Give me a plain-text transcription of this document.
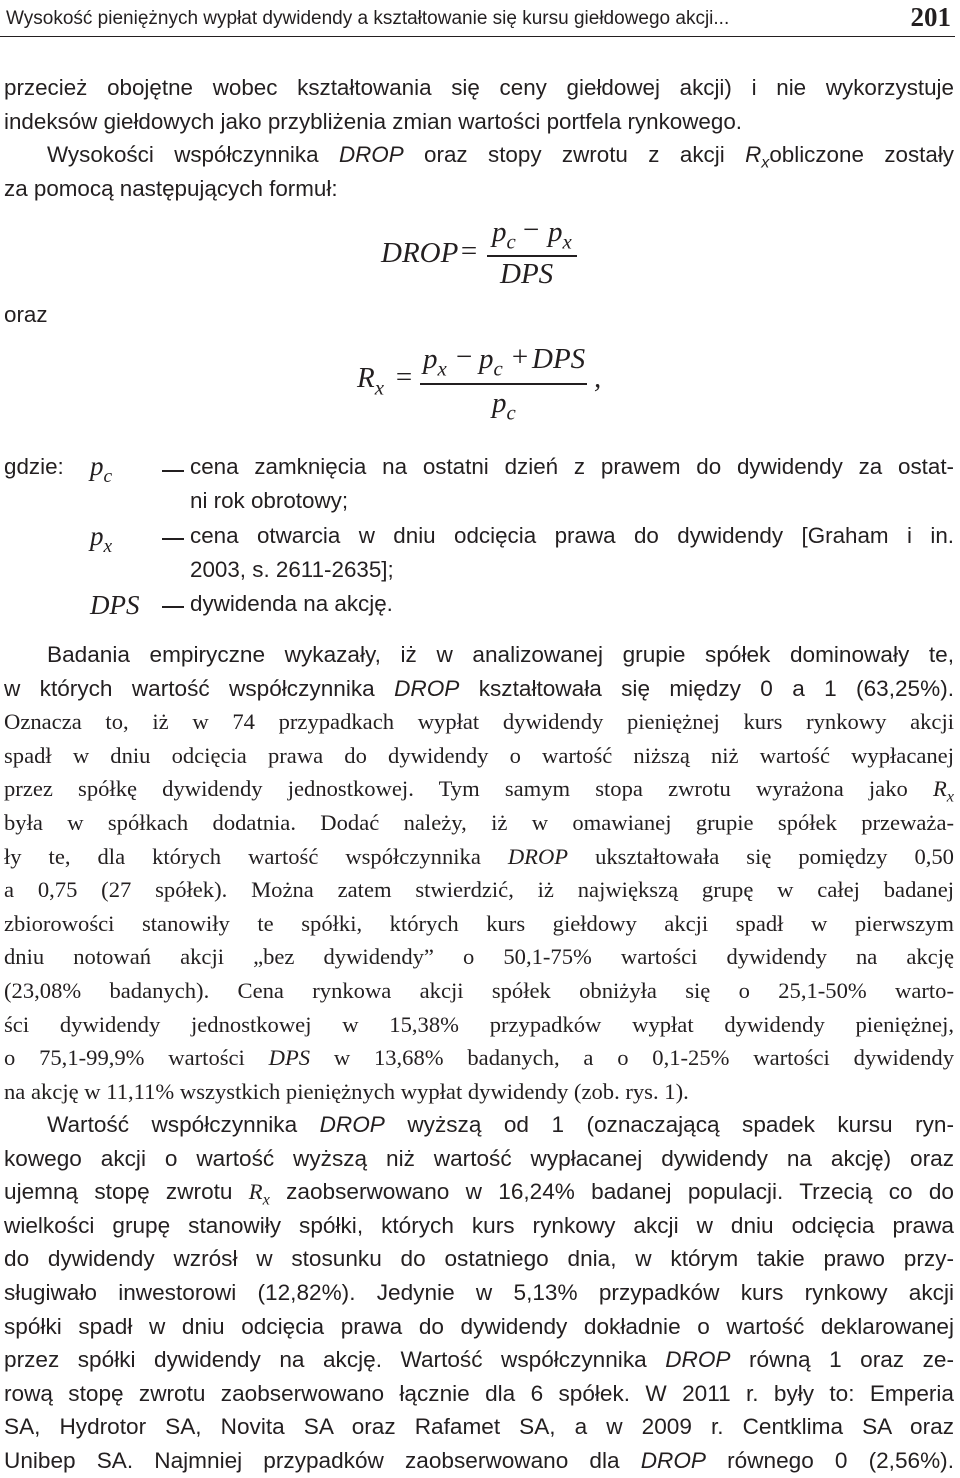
Wysokość pieniężnych wypłat dywidendy a kształtowanie się kursu giełdowego akcji...	201
przecież obojętne wobec kształtowania się ceny giełdowej akcji) i nie wykorzystuje
indeksów giełdowych jako przybliżenia zmian wartości portfela rynkowego.
Wysokości współczynnika DROP oraz stopy zwrotu z akcji $R_xobliczone$ zostały
za pomocą następujących formuł:
DROP =
$p_c - p_x$
DPS
oraz
$R_x$ =
$p_x - p_c$ + DPS
$p_c$
,
gdzie: $p_c$	cena zamknięcia na ostatni dzień z prawem do dywidendy za ostat-
ni rok obrotowy;
$p_x$	cena otwarcia w dniu odcięcia prawa do dywidendy [Graham i in.
2003, s. 2611-2635];
DPS dywidenda na akcję.
Badania empiryczne wykazały, iż w analizowanej grupie spółek dominowały te,
w których wartość współczynnika DROP kształtowała się między 0 a 1 (63,25%).
Oznacza to, iż w 74 przypadkach wypłat dywidendy pieniężnej kurs rynkowy akcji
spadł w dniu odcięcia prawa do dywidendy o wartość niższą niż wartość wypłacanej
przez spółkę dywidendy jednostkowej. Tym samym stopa zwrotu wyrażona jako $R_x$
była w spółkach dodatnia. Dodać należy, iż w omawianej grupie spółek przeważa-
ły te, dla których wartość współczynnika DROP ukształtowała się pomiędzy 0,50
a 0,75 (27 spółek). Można zatem stwierdzić, iż największą grupę w całej badanej
zbiorowości stanowiły te spółki, których kurs giełdowy akcji spadł w pierwszym
dniu notowań akcji „bez dywidendy” o 50,1-75% wartości dywidendy na akcję
(23,08% badanych). Cena rynkowa akcji spółek obniżyła się o 25,1-50% warto-
ści dywidendy jednostkowej w 15,38% przypadków wypłat dywidendy pieniężnej,
o 75,1-99,9% wartości DPS w 13,68% badanych, a o 0,1-25% wartości dywidendy
na akcję w 11,11% wszystkich pieniężnych wypłat dywidendy (zob. rys. 1).
Wartość współczynnika DROP wyższą od 1 (oznaczającą spadek kursu ryn-
kowego akcji o wartość wyższą niż wartość wypłacanej dywidendy na akcję) oraz
ujemną stopę zwrotu $R_x$ zaobserwowano w 16,24% badanej populacji. Trzecią co do
wielkości grupę stanowiły spółki, których kurs rynkowy akcji w dniu odcięcia prawa
do dywidendy wzrósł w stosunku do ostatniego dnia, w którym takie prawo przy-
sługiwało inwestorowi (12,82%). Jedynie w 5,13% przypadków kurs rynkowy akcji
spółki spadł w dniu odcięcia prawa do dywidendy dokładnie o wartość deklarowanej
przez spółki dywidendy na akcję. Wartość współczynnika DROP równą 1 oraz ze-
rową stopę zwrotu zaobserwowano łącznie dla 6 spółek. W 2011 r. były to: Emperia
SA, Hydrotor SA, Novita SA oraz Rafamet SA, a w 2009 r. Centklima SA oraz
Unibep SA. Najmniej przypadków zaobserwowano dla DROP równego 0 (2,56%).
